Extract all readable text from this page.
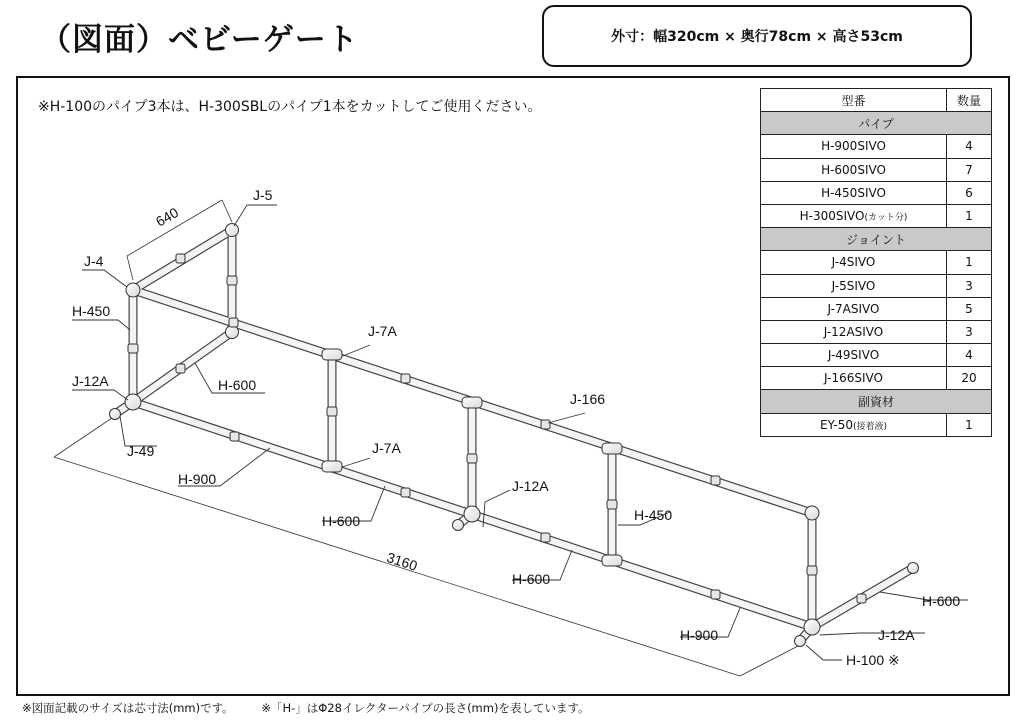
（図面）ベビーゲート	外寸：幅320cm × 奥行78cm × 高さ53cm
※H-100のパイプ3本は、H-300SBLのパイプ1本をカットしてご使用ください。
640
3160
J-5
J-4
H-450
J-12A	H-600
J-49
H-900
J-7A
J-7A
H-600
J-166
J-12A
H-450
H-600
H-900
H-600
J-12A
H-100 ※
型番	数量
パイプ	
H-900SIVO	4
H-600SIVO	7
H-450SIVO	6
H-300SIVO(カット分)	1
ジョイント	
J-4SIVO	1
J-5SIVO	3
J-7ASIVO	5
J-12ASIVO	3
J-49SIVO	4
J-166SIVO	20
副資材	
EY-50(接着液)	1
※図面記載のサイズは芯寸法(mm)です。 ※「H-」はΦ28イレクターパイプの長さ(mm)を表しています。
